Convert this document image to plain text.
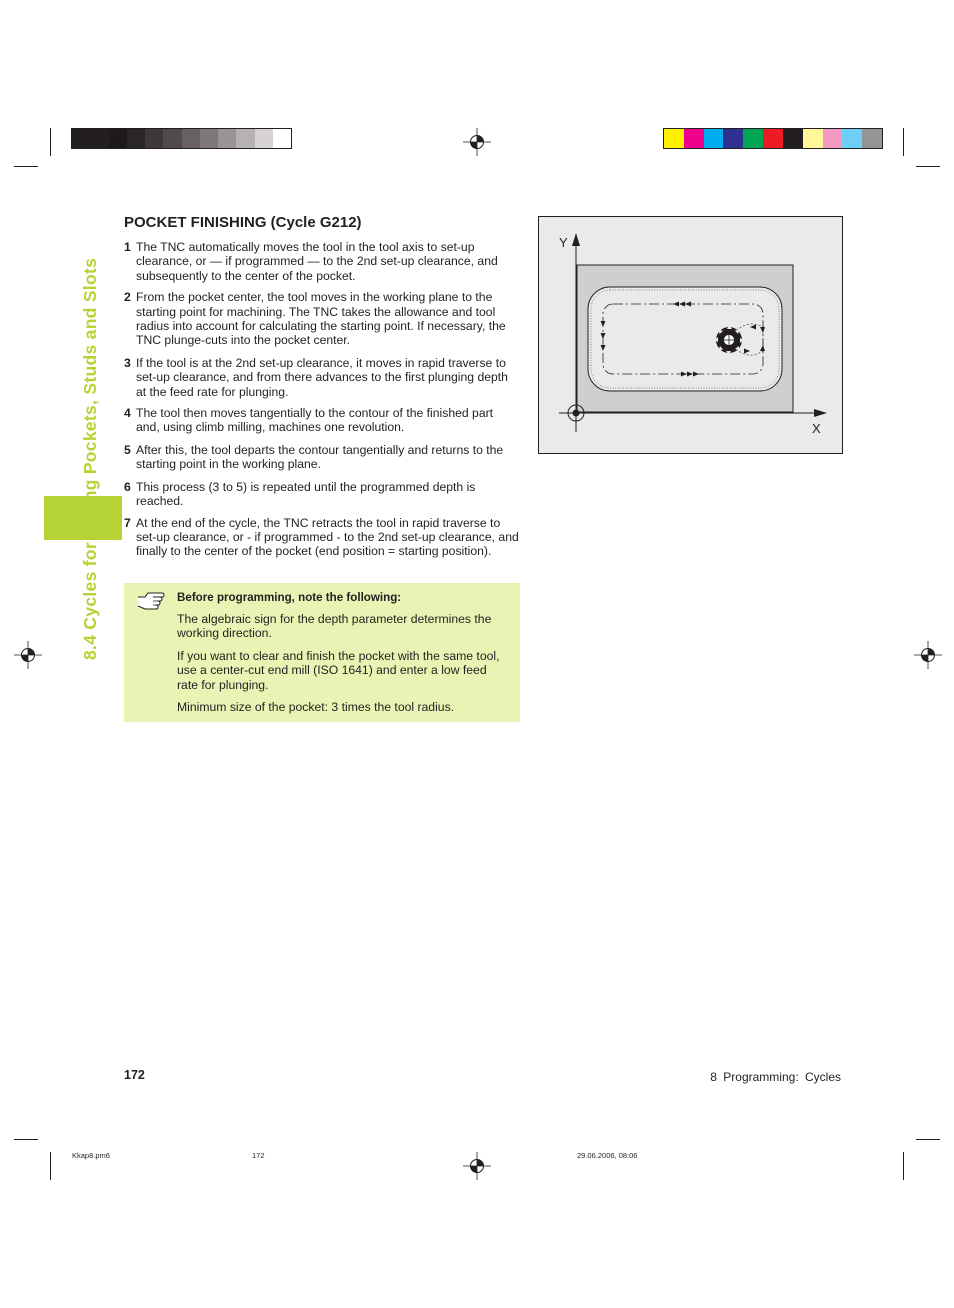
8.4 Cycles for Milling Pockets, Studs and Slots
POCKET FINISHING (Cycle G212)
1 The TNC automatically moves the tool in the tool axis to set-up clearance, or — if programmed — to the 2nd set-up clearance, and subsequently to the center of the pocket.
2 From the pocket center, the tool moves in the working plane to the starting point for machining. The TNC takes the allowance and tool radius into account for calculating the starting point. If necessary, the TNC plunge-cuts into the pocket center.
3 If the tool is at the 2nd set-up clearance, it moves in rapid traverse to set-up clearance, and from there advances to the first plunging depth at the feed rate for plunging.
4 The tool then moves tangentially to the contour of the finished part and, using climb milling, machines one revolution.
5 After this, the tool departs the contour tangentially and returns to the starting point in the working plane.
6 This process (3 to 5) is repeated until the programmed depth is reached.
7 At the end of the cycle, the TNC retracts the tool in rapid traverse to set-up clearance, or - if programmed - to the 2nd set-up clearance, and finally to the center of the pocket (end position = starting position).
Before programming, note the following:
The algebraic sign for the depth parameter determines the working direction.
If you want to clear and finish the pocket with the same tool, use a center-cut end mill (ISO 1641) and enter a low feed rate for plunging.
Minimum size of the pocket: 3 times the tool radius.
Y
X
172	8 Programming: Cycles
Kkap8.pm6	172	29.06.2006, 08:06
